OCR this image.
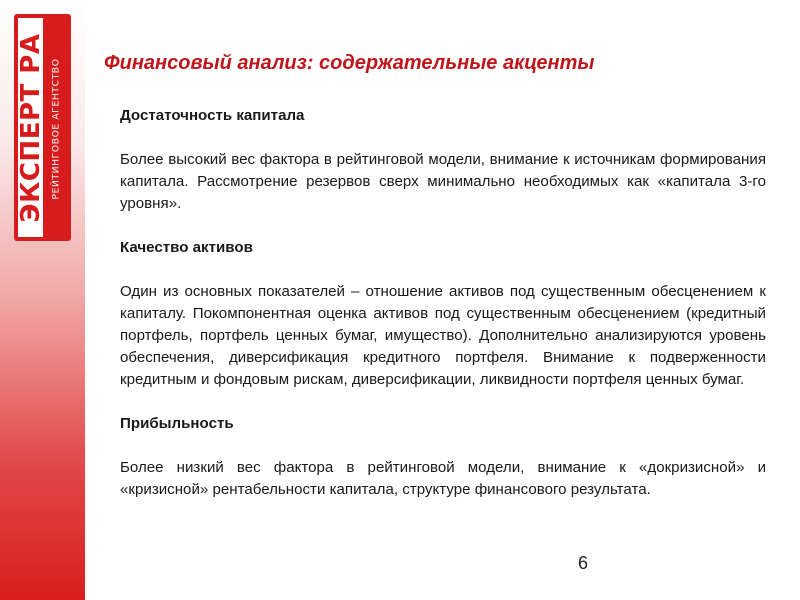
ЭКСПЕРТ РА РЕЙТИНГОВОЕ АГЕНТСТВО Финансовый анализ: содержательные акценты
Достаточность капитала

Более высокий вес фактора в рейтинговой модели, внимание к источникам формирования капитала. Рассмотрение резервов сверх минимально необходимых как «капитала 3-го уровня».

Качество активов

Один из основных показателей – отношение активов под существенным обесценением к капиталу. Покомпонентная оценка активов под существенным обесценением (кредитный портфель, портфель ценных бумаг, имущество). Дополнительно анализируются уровень обеспечения, диверсификация кредитного портфеля. Внимание к подверженности кредитным и фондовым рискам, диверсификации, ликвидности портфеля ценных бумаг.

Прибыльность

Более низкий вес фактора в рейтинговой модели, внимание к «докризисной» и «кризисной» рентабельности капитала, структуре финансового результата.

6
